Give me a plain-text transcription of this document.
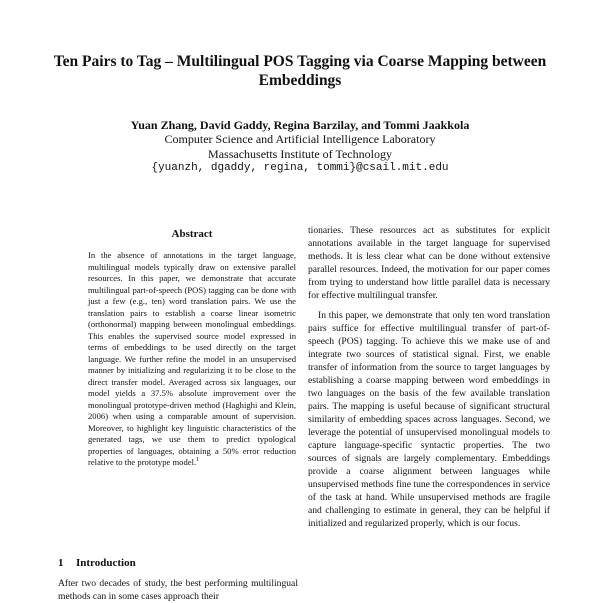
Ten Pairs to Tag – Multilingual POS Tagging via Coarse Mapping between Embeddings
Yuan Zhang, David Gaddy, Regina Barzilay, and Tommi Jaakkola
Computer Science and Artificial Intelligence Laboratory
Massachusetts Institute of Technology
{yuanzh, dgaddy, regina, tommi}@csail.mit.edu
Abstract
In the absence of annotations in the target language, multilingual models typically draw on extensive parallel resources. In this paper, we demonstrate that accurate multilingual part-of-speech (POS) tagging can be done with just a few (e.g., ten) word translation pairs. We use the translation pairs to establish a coarse linear isometric (orthonormal) mapping between monolingual embeddings. This enables the supervised source model expressed in terms of embeddings to be used directly on the target language. We further refine the model in an unsupervised manner by initializing and regularizing it to be close to the direct transfer model. Averaged across six languages, our model yields a 37.5% absolute improvement over the monolingual prototype-driven method (Haghighi and Klein, 2006) when using a comparable amount of supervision. Moreover, to highlight key linguistic characteristics of the generated tags, we use them to predict typological properties of languages, obtaining a 50% error reduction relative to the prototype model.$^1$
1 Introduction
After two decades of study, the best performing multilingual methods can in some cases approach their

tionaries. These resources act as substitutes for explicit annotations available in the target language for supervised methods. It is less clear what can be done without extensive parallel resources. Indeed, the motivation for our paper comes from trying to understand how little parallel data is necessary for effective multilingual transfer.

In this paper, we demonstrate that only ten word translation pairs suffice for effective multilingual transfer of part-of-speech (POS) tagging. To achieve this we make use of and integrate two sources of statistical signal. First, we enable transfer of information from the source to target languages by establishing a coarse mapping between word embeddings in two languages on the basis of the few available translation pairs. The mapping is useful because of significant structural similarity of embedding spaces across languages. Second, we leverage the potential of unsupervised monolingual models to capture language-specific syntactic properties. The two sources of signals are largely complementary. Embeddings provide a coarse alignment between languages while unsupervised methods fine tune the correspondences in service of the task at hand. While unsupervised methods are fragile and challenging to estimate in general, they can be helpful if initialized and regularized properly, which is our focus.
